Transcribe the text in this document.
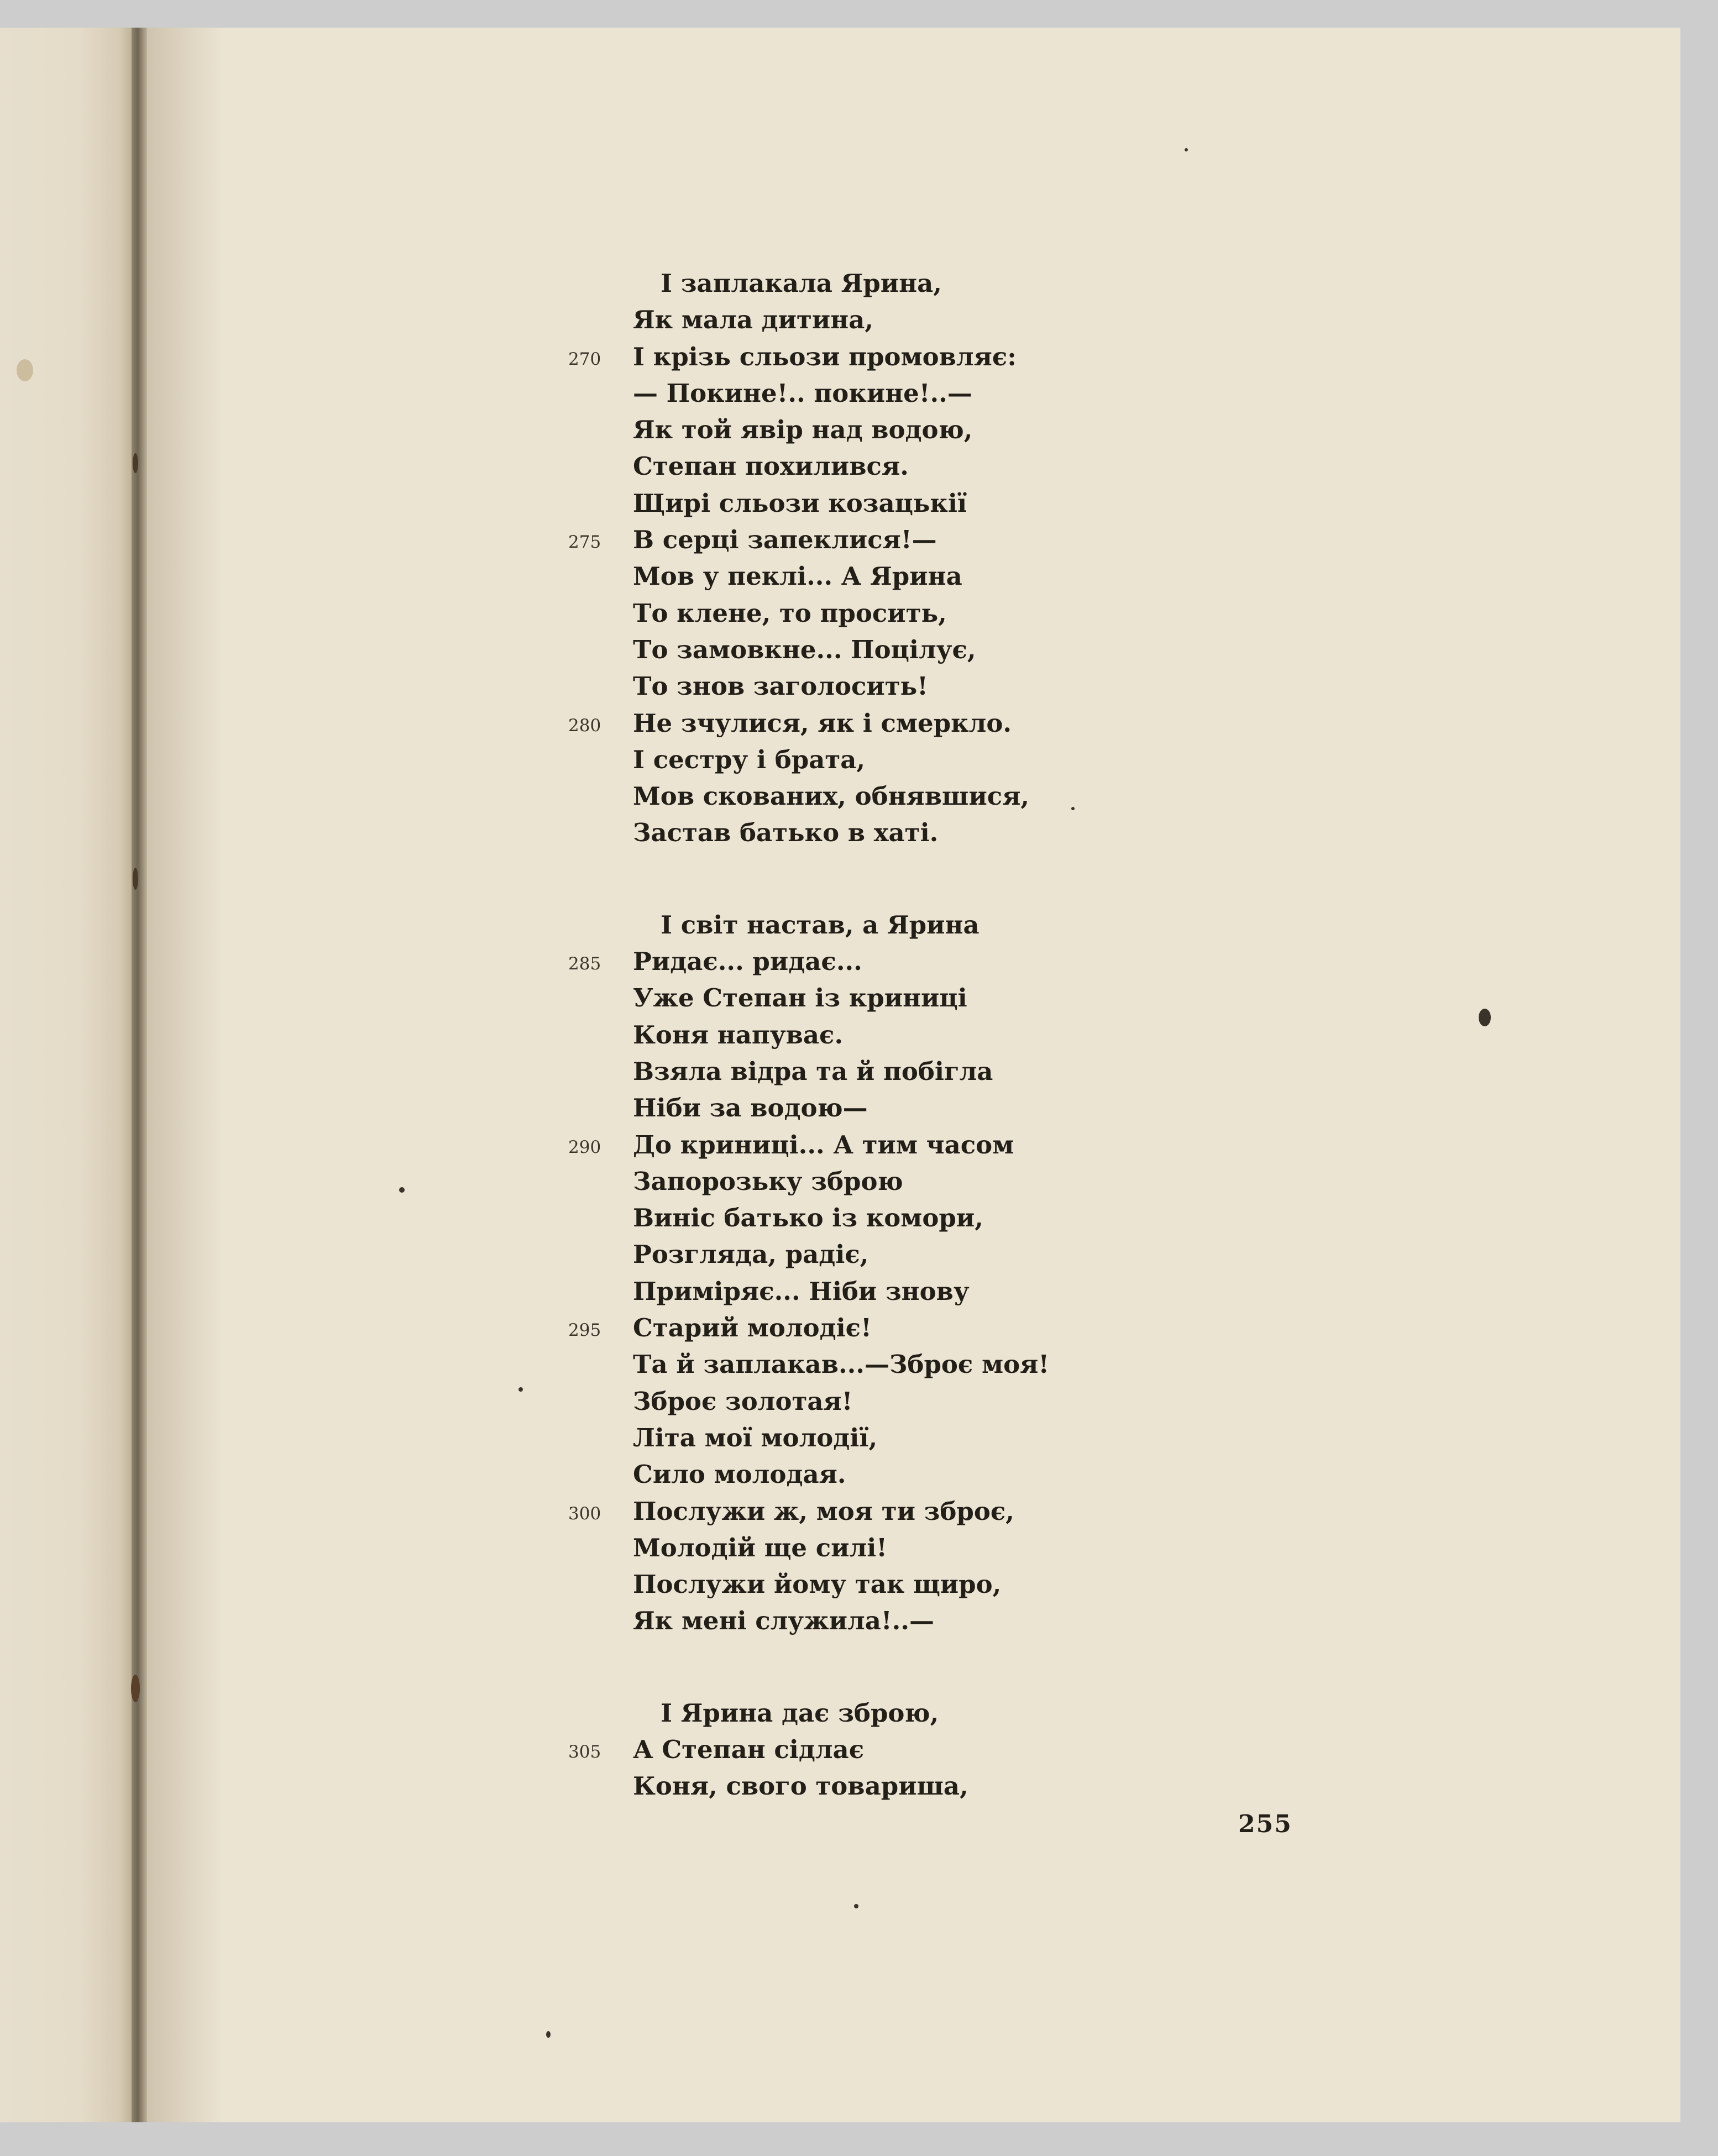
І заплакала Ярина,
Як мала дитина,
270 І крізь сльози промовляє:
— Покине!.. покине!..—
Як той явір над водою,
Степан похилився.
Щирі сльози козацькії
275 В серці запеклися!—
Мов у пеклі... А Ярина
То клене, то просить,
То замовкне... Поцілує,
То знов заголосить!
280 Не зчулися, як і смеркло.
І сестру і брата,
Мов скованих, обнявшися,
Застав батько в хаті.
І світ настав, а Ярина
285 Ридає... ридає...
Уже Степан із криниці
Коня напуває.
Взяла відра та й побігла
Ніби за водою—
290 До криниці... А тим часом
Запорозьку зброю
Виніс батько із комори,
Розгляда, радіє,
Приміряє... Ніби знову
295 Старий молодіє!
Та й заплакав...—Зброє моя!
Зброє золотая!
Літа мої молодії,
Сило молодая.
300 Послужи ж, моя ти зброє,
Молодій ще силі!
Послужи йому так щиро,
Як мені служила!..—
І Ярина дає зброю,
305 А Степан сідлає
Коня, свого товариша,
255
